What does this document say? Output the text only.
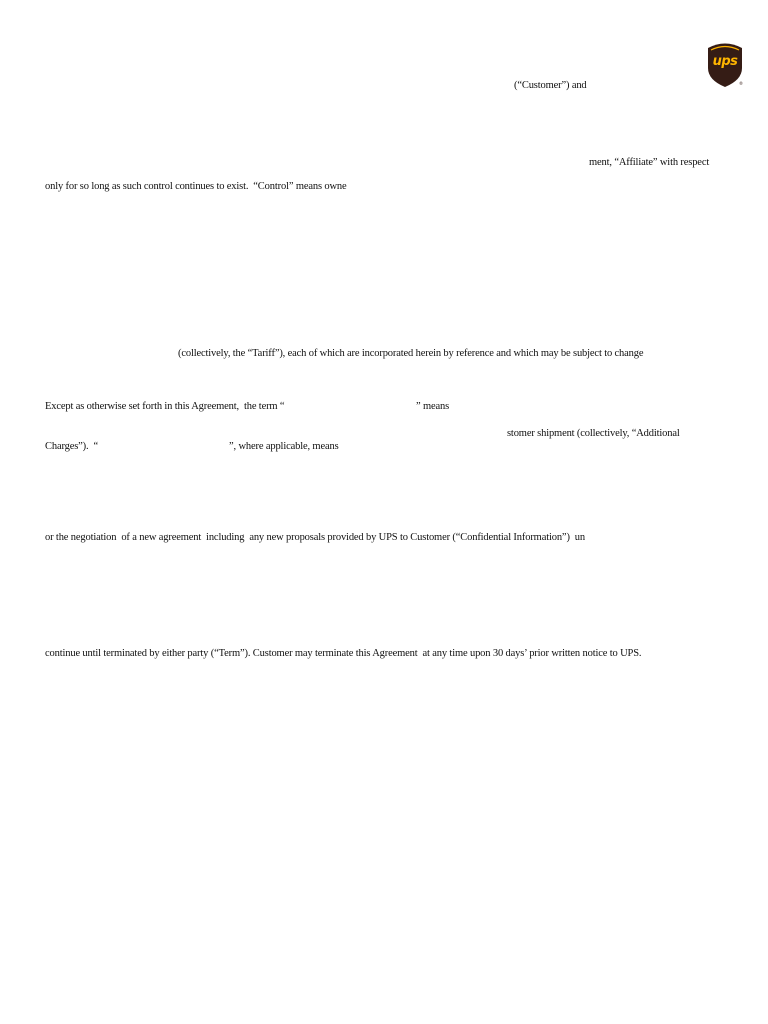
ups
®
(“Customer”) and
ment, “Affiliate” with respect
only for so long as such control continues to exist.  “Control” means owne
(collectively, the “Tariff”), each of which are incorporated herein by reference and which may be subject to change
Except as otherwise set forth in this Agreement,  the term “	” means
stomer shipment (collectively, “Additional
Charges”).  “	”, where applicable, means
or the negotiation  of a new agreement  including  any new proposals provided by UPS to Customer (“Confidential Information”)  un
continue until terminated by either party (“Term”). Customer may terminate this Agreement  at any time upon 30 days’ prior written notice to UPS.
